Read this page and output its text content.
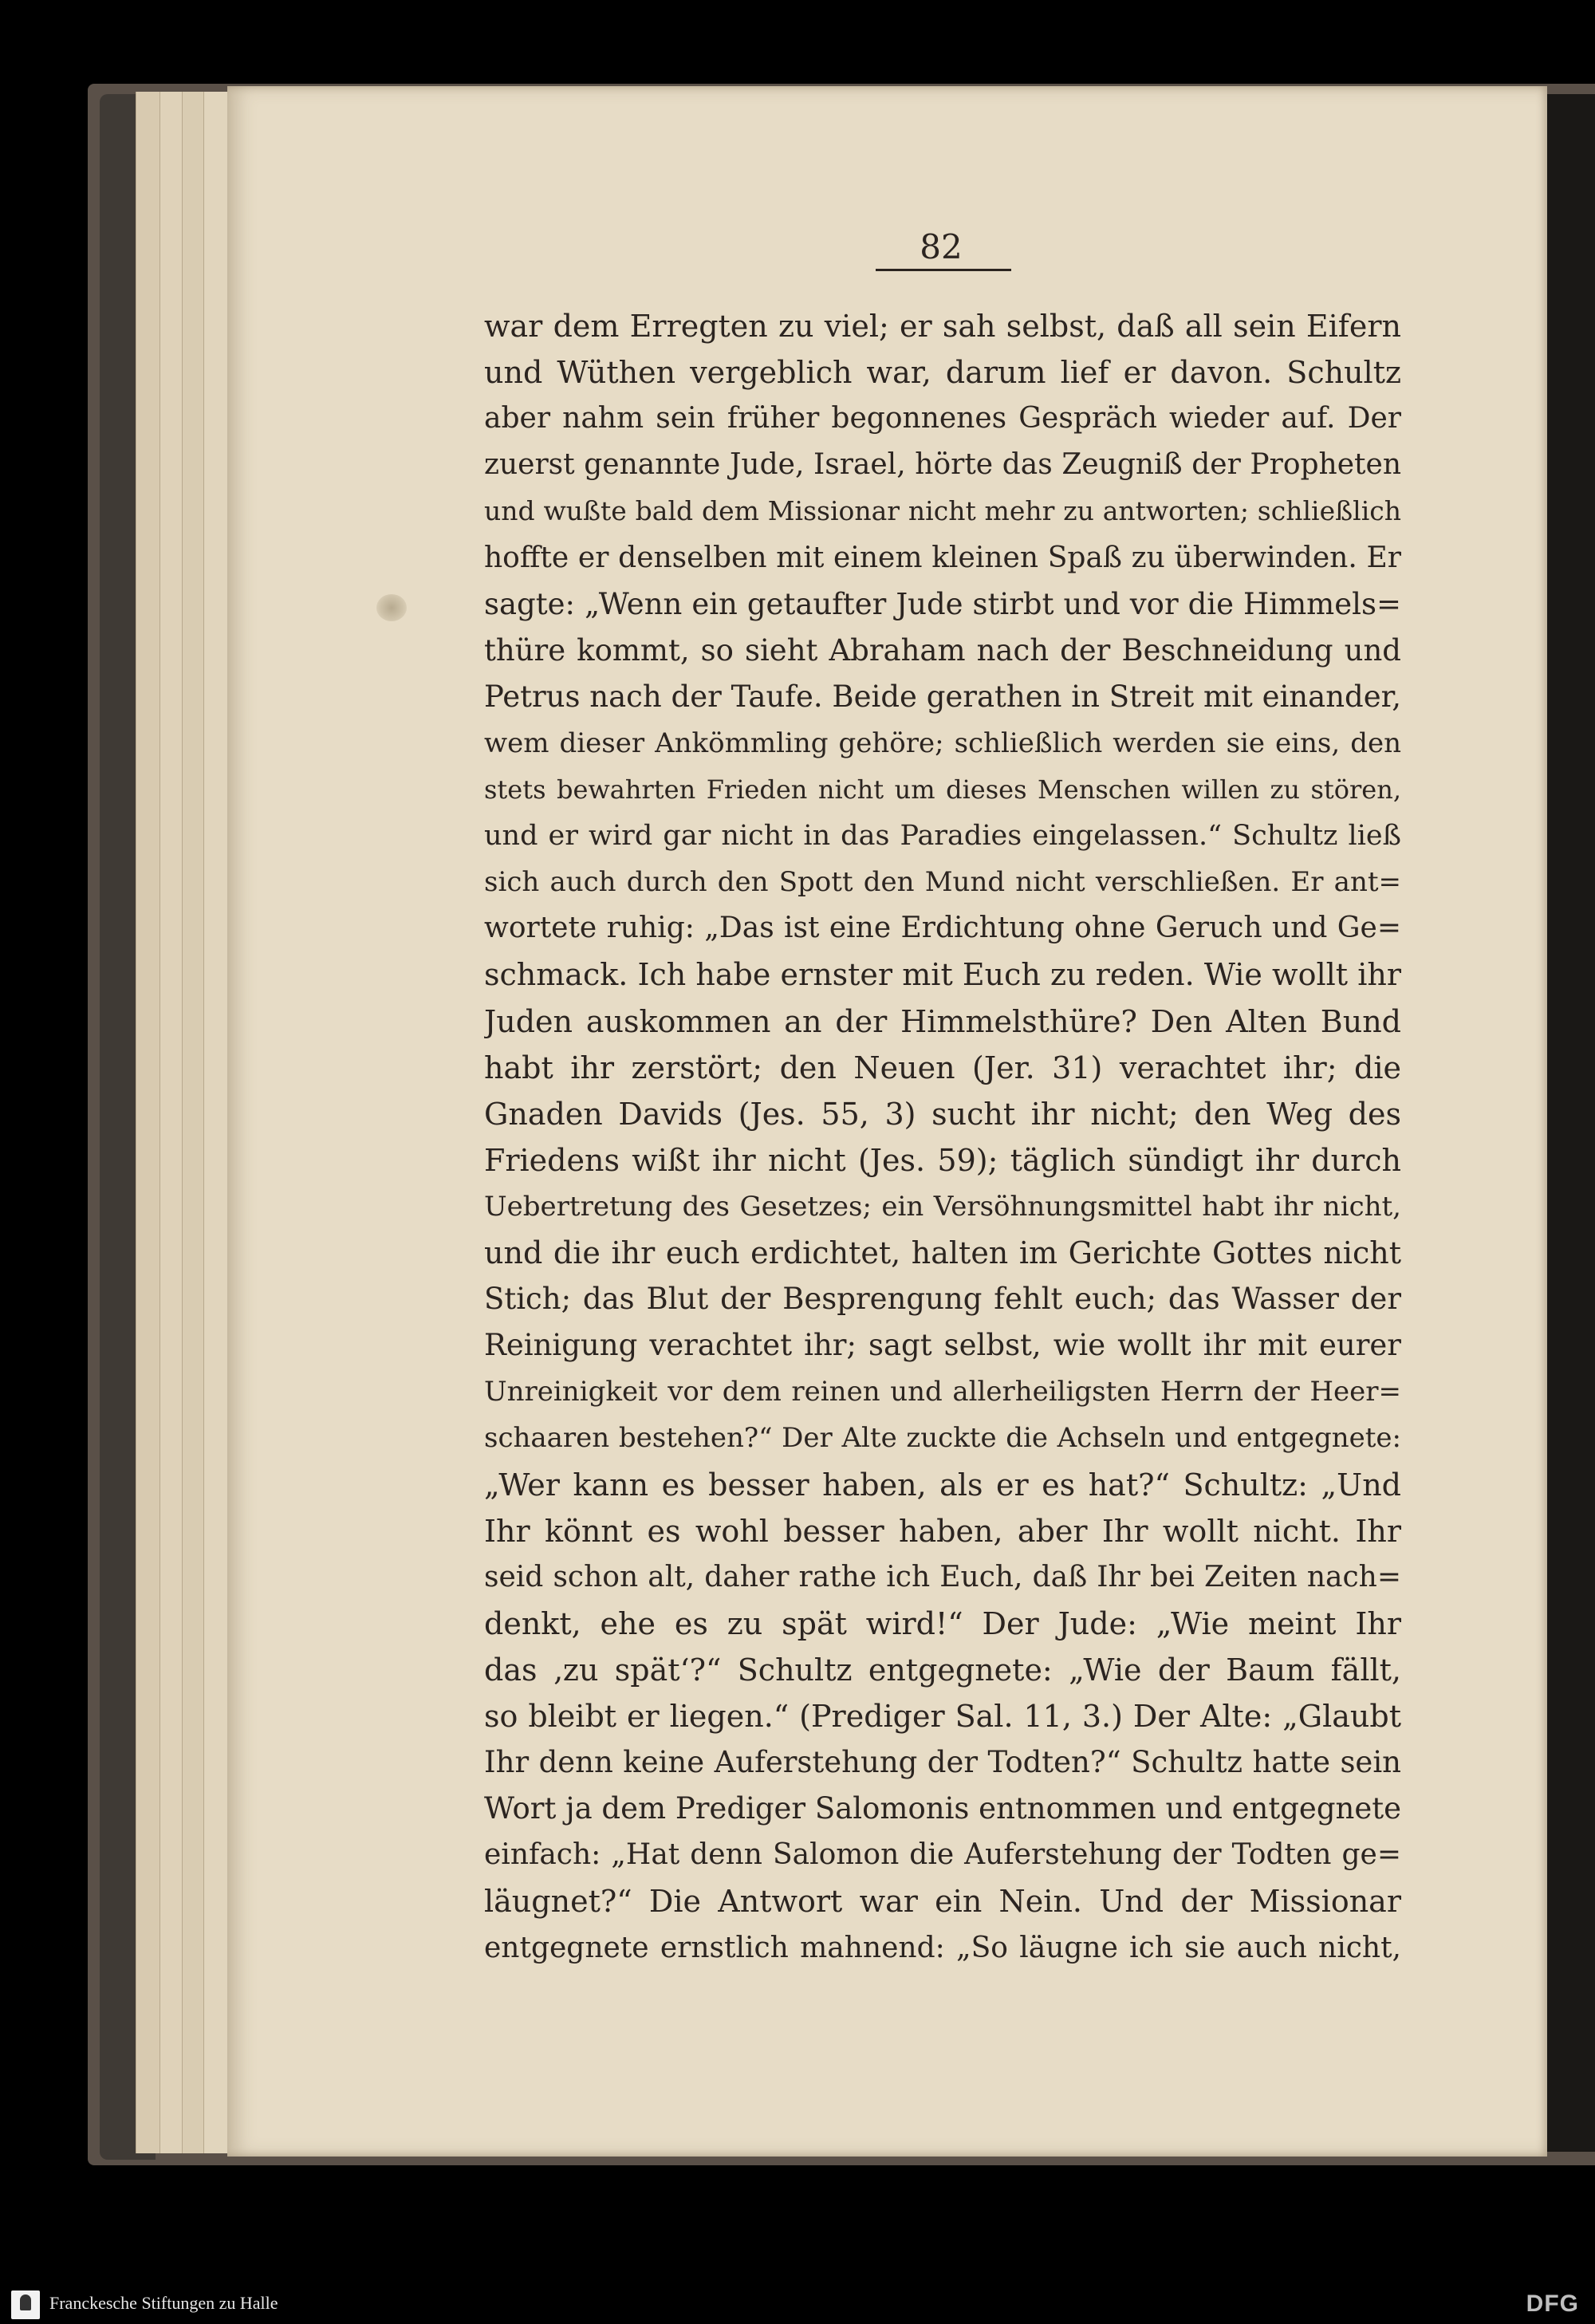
82
war dem Erregten zu viel; er sah selbst, daß all sein Eifern
und Wüthen vergeblich war, darum lief er davon. Schultz
aber nahm sein früher begonnenes Gespräch wieder auf. Der
zuerst genannte Jude, Israel, hörte das Zeugniß der Propheten
und wußte bald dem Missionar nicht mehr zu antworten; schließlich
hoffte er denselben mit einem kleinen Spaß zu überwinden. Er
sagte: „Wenn ein getaufter Jude stirbt und vor die Himmels=
thüre kommt, so sieht Abraham nach der Beschneidung und
Petrus nach der Taufe. Beide gerathen in Streit mit einander,
wem dieser Ankömmling gehöre; schließlich werden sie eins, den
stets bewahrten Frieden nicht um dieses Menschen willen zu stören,
und er wird gar nicht in das Paradies eingelassen.“ Schultz ließ
sich auch durch den Spott den Mund nicht verschließen. Er ant=
wortete ruhig: „Das ist eine Erdichtung ohne Geruch und Ge=
schmack. Ich habe ernster mit Euch zu reden. Wie wollt ihr
Juden auskommen an der Himmelsthüre? Den Alten Bund
habt ihr zerstört; den Neuen (Jer. 31) verachtet ihr; die
Gnaden Davids (Jes. 55, 3) sucht ihr nicht; den Weg des
Friedens wißt ihr nicht (Jes. 59); täglich sündigt ihr durch
Uebertretung des Gesetzes; ein Versöhnungsmittel habt ihr nicht,
und die ihr euch erdichtet, halten im Gerichte Gottes nicht
Stich; das Blut der Besprengung fehlt euch; das Wasser der
Reinigung verachtet ihr; sagt selbst, wie wollt ihr mit eurer
Unreinigkeit vor dem reinen und allerheiligsten Herrn der Heer=
schaaren bestehen?“ Der Alte zuckte die Achseln und entgegnete:
„Wer kann es besser haben, als er es hat?“ Schultz: „Und
Ihr könnt es wohl besser haben, aber Ihr wollt nicht. Ihr
seid schon alt, daher rathe ich Euch, daß Ihr bei Zeiten nach=
denkt, ehe es zu spät wird!“ Der Jude: „Wie meint Ihr
das ‚zu spät‘?“ Schultz entgegnete: „Wie der Baum fällt,
so bleibt er liegen.“ (Prediger Sal. 11, 3.) Der Alte: „Glaubt
Ihr denn keine Auferstehung der Todten?“ Schultz hatte sein
Wort ja dem Prediger Salomonis entnommen und entgegnete
einfach: „Hat denn Salomon die Auferstehung der Todten ge=
läugnet?“ Die Antwort war ein Nein. Und der Missionar
entgegnete ernstlich mahnend: „So läugne ich sie auch nicht,
Franckesche Stiftungen zu Halle	DFG
